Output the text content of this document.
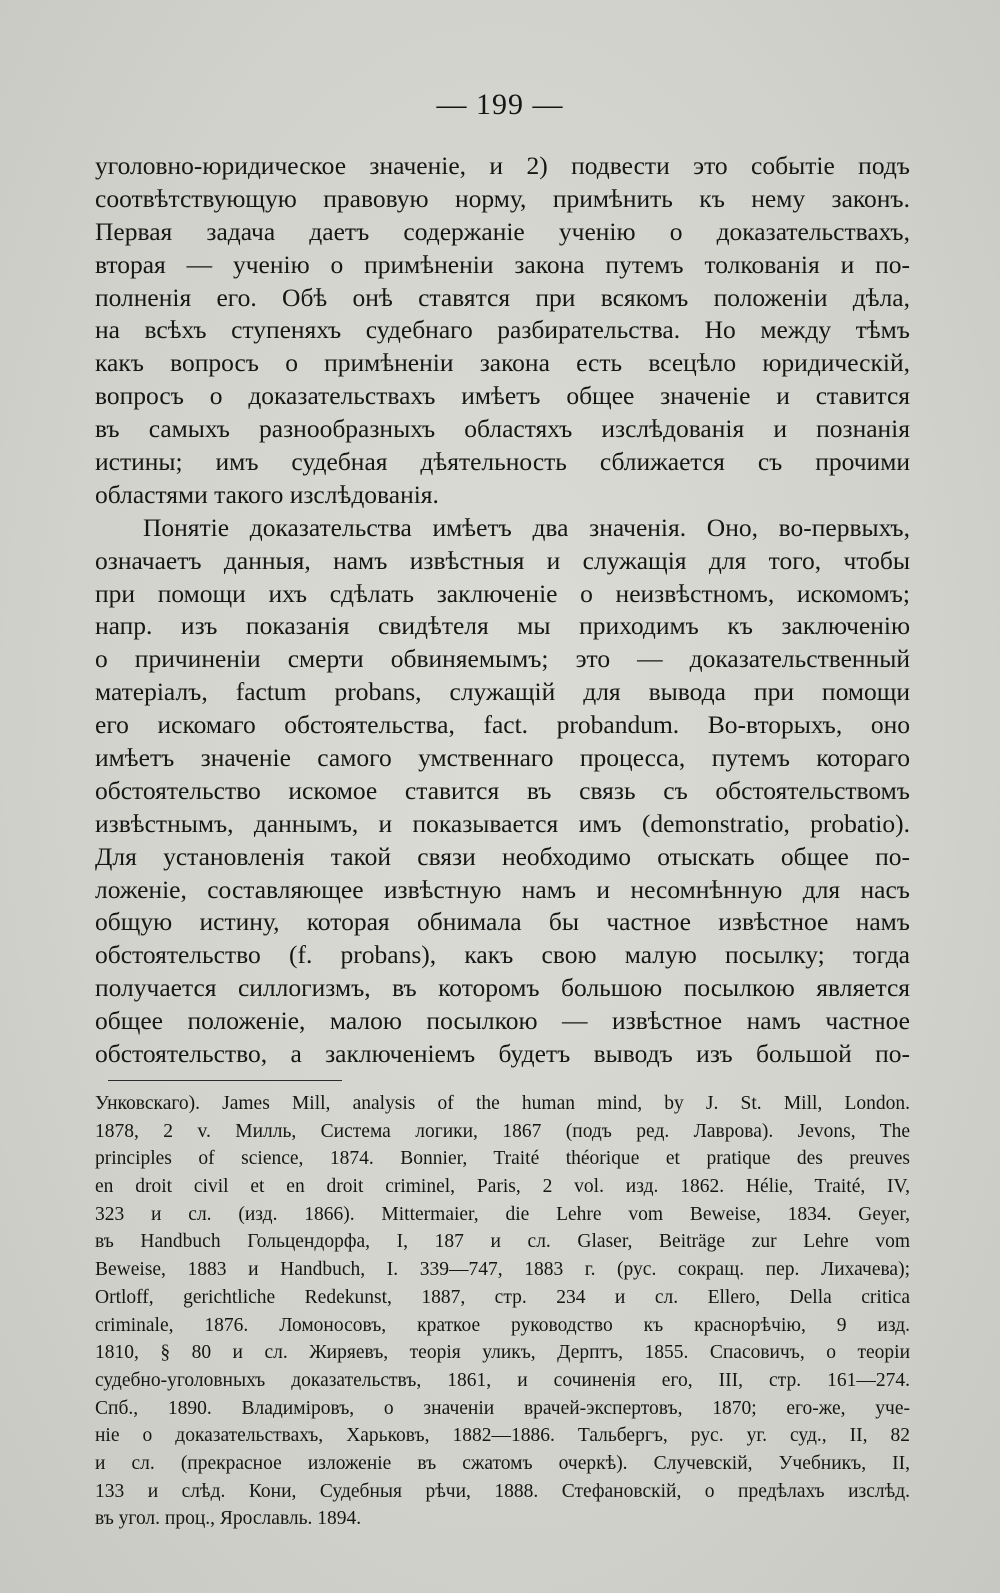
— 199 —
уголовно-юридическое значенiе, и 2) подвести это событiе подъ
соотвѣтствующую правовую норму, примѣнить къ нему законъ.
Первая задача даетъ содержанiе ученiю о доказательствахъ,
вторая — ученiю о примѣненiи закона путемъ толкованiя и по-
полненiя его. Обѣ онѣ ставятся при всякомъ положенiи дѣла,
на всѣхъ ступеняхъ судебнаго разбирательства. Но между тѣмъ
какъ вопросъ о примѣненiи закона есть всецѣло юридическiй,
вопросъ о доказательствахъ имѣетъ общее значенiе и ставится
въ самыхъ разнообразныхъ областяхъ изслѣдованiя и познанiя
истины; имъ судебная дѣятельность сближается съ прочими
областями такого изслѣдованiя.
Понятiе доказательства имѣетъ два значенiя. Оно, во-первыхъ,
означаетъ данныя, намъ извѣстныя и служащiя для того, чтобы
при помощи ихъ сдѣлать заключенiе о неизвѣстномъ, искомомъ;
напр. изъ показанiя свидѣтеля мы приходимъ къ заключенiю
о причиненiи смерти обвиняемымъ; это — доказательственный
матерiалъ, factum probans, служащiй для вывода при помощи
его искомаго обстоятельства, fact. probandum. Во-вторыхъ, оно
имѣетъ значенiе самого умственнаго процесса, путемъ котораго
обстоятельство искомое ставится въ связь съ обстоятельствомъ
извѣстнымъ, даннымъ, и показывается имъ (demonstratio, probatio).
Для установленiя такой связи необходимо отыскать общее по-
ложенiе, составляющее извѣстную намъ и несомнѣнную для насъ
общую истину, которая обнимала бы частное извѣстное намъ
обстоятельство (f. probans), какъ свою малую посылку; тогда
получается силлогизмъ, въ которомъ большою посылкою является
общее положенiе, малою посылкою — извѣстное намъ частное
обстоятельство, а заключенiемъ будетъ выводъ изъ большой по-
Унковскаго). James Mill, analysis of the human mind, by J. St. Mill, London.
1878, 2 v. Милль, Система логики, 1867 (подъ ред. Лаврова). Jevons, The
principles of science, 1874. Bonnier, Traité théorique et pratique des preuves
en droit civil et en droit criminel, Paris, 2 vol. изд. 1862. Hélie, Traité, IV,
323 и сл. (изд. 1866). Mittermaier, die Lehre vom Beweise, 1834. Geyer,
въ Handbuch Гольцендорфа, I, 187 и сл. Glaser, Beiträge zur Lehre vom
Beweise, 1883 и Handbuch, I. 339—747, 1883 г. (рус. сокращ. пер. Лихачева);
Ortloff, gerichtliche Redekunst, 1887, стр. 234 и сл. Ellero, Della critica
criminale, 1876. Ломоносовъ, краткое руководство къ краснорѣчiю, 9 изд.
1810, § 80 и сл. Жиряевъ, теорiя уликъ, Дерптъ, 1855. Спасовичъ, о теорiи
судебно-уголовныхъ доказательствъ, 1861, и сочиненiя его, III, стр. 161—274.
Спб., 1890. Владимiровъ, о значенiи врачей-экспертовъ, 1870; его-же, уче-
нiе о доказательствахъ, Харьковъ, 1882—1886. Тальбергъ, рус. уг. суд., II, 82
и сл. (прекрасное изложенiе въ сжатомъ очеркѣ). Случевскiй, Учебникъ, II,
133 и слѣд. Кони, Судебныя рѣчи, 1888. Стефановскiй, о предѣлахъ изслѣд.
въ угол. проц., Ярославль. 1894.
